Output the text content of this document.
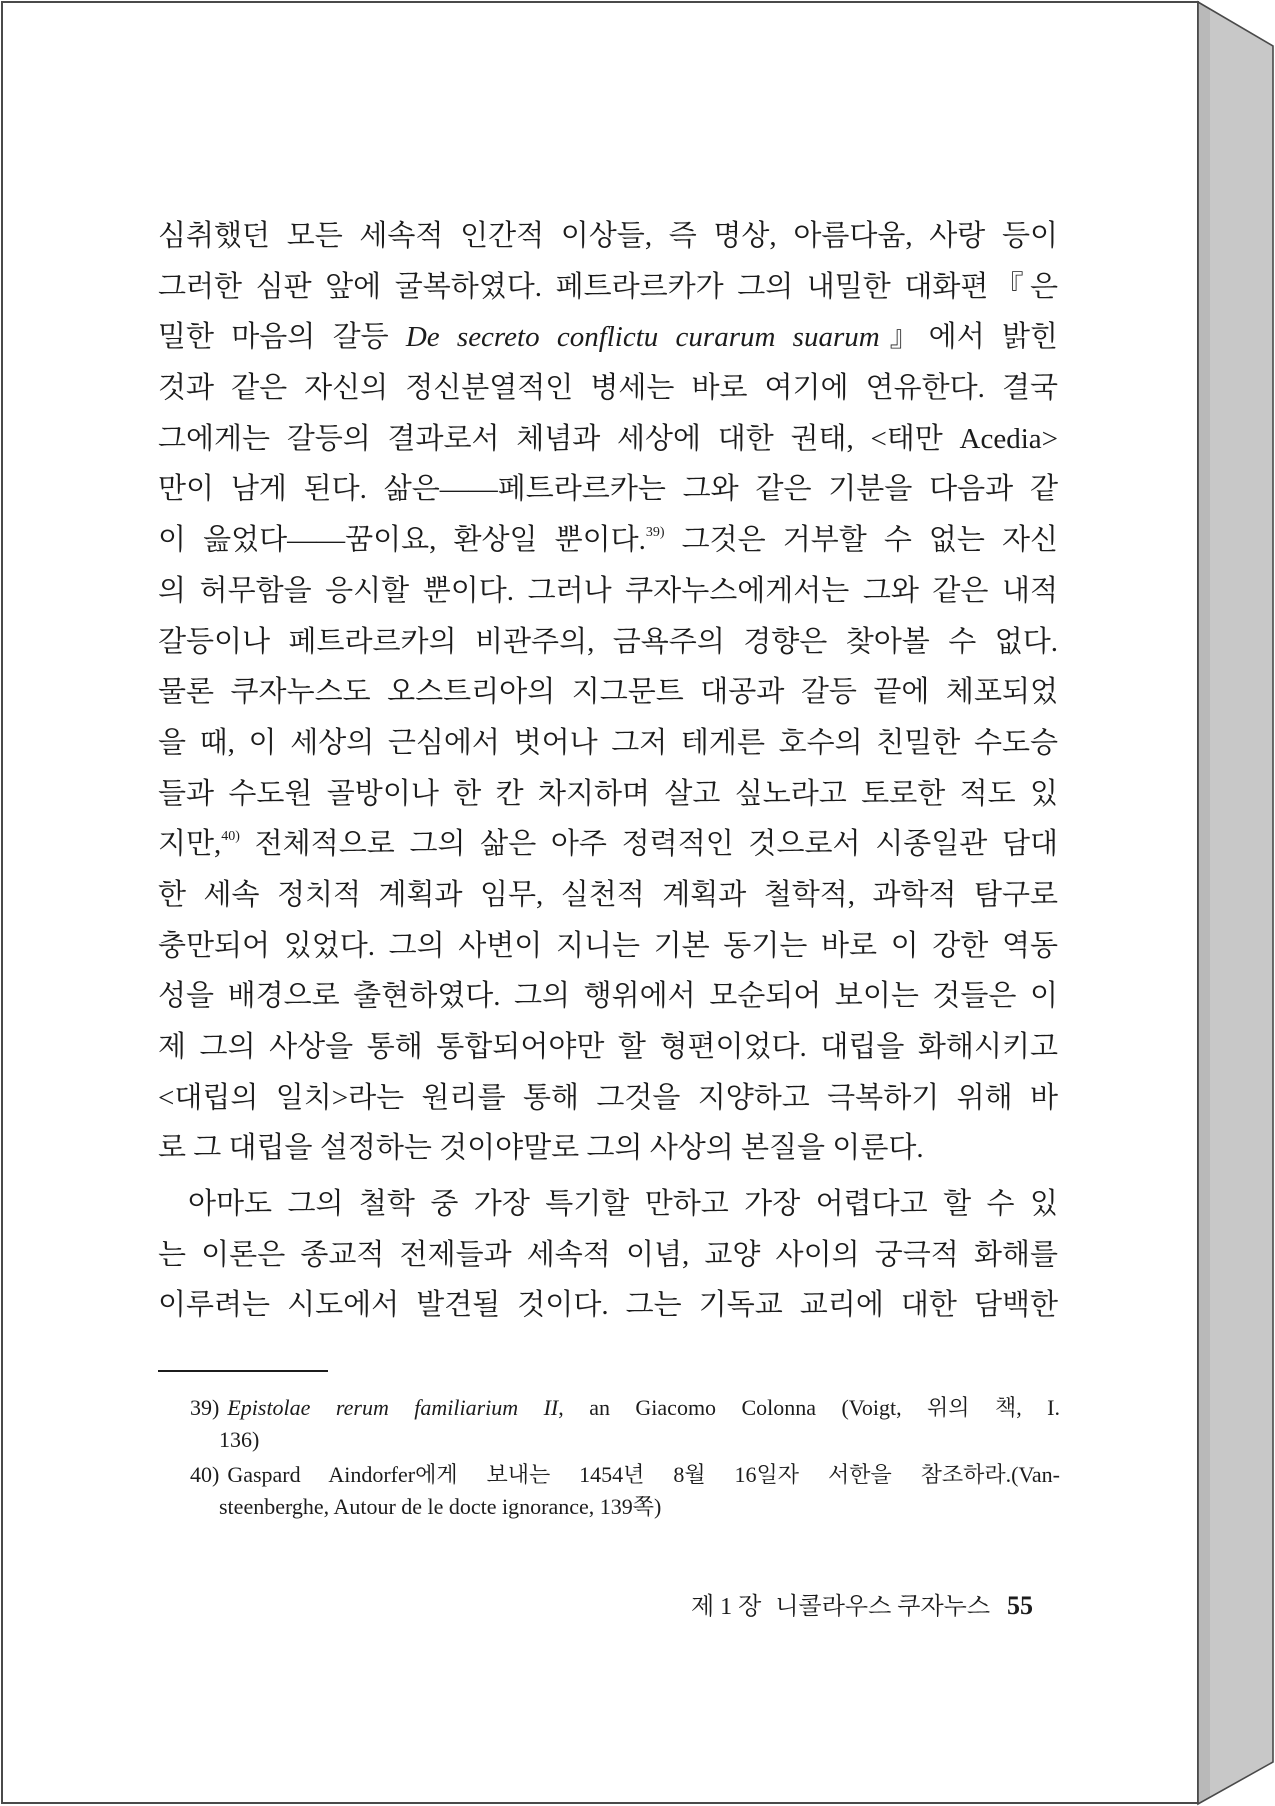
심취했던 모든 세속적 인간적 이상들, 즉 명상, 아름다움, 사랑 등이
그러한 심판 앞에 굴복하였다. 페트라르카가 그의 내밀한 대화편『은
밀한 마음의 갈등 De secreto conflictu curarum suarum』에서 밝힌
것과 같은 자신의 정신분열적인 병세는 바로 여기에 연유한다. 결국
그에게는 갈등의 결과로서 체념과 세상에 대한 권태, <태만 Acedia>
만이 남게 된다. 삶은——페트라르카는 그와 같은 기분을 다음과 같
이 읊었다——꿈이요, 환상일 뿐이다.$^{39)}$ 그것은 거부할 수 없는 자신
의 허무함을 응시할 뿐이다. 그러나 쿠자누스에게서는 그와 같은 내적
갈등이나 페트라르카의 비관주의, 금욕주의 경향은 찾아볼 수 없다.
물론 쿠자누스도 오스트리아의 지그문트 대공과 갈등 끝에 체포되었
을 때, 이 세상의 근심에서 벗어나 그저 테게른 호수의 친밀한 수도승
들과 수도원 골방이나 한 칸 차지하며 살고 싶노라고 토로한 적도 있
지만,$^{40)}$ 전체적으로 그의 삶은 아주 정력적인 것으로서 시종일관 담대
한 세속 정치적 계획과 임무, 실천적 계획과 철학적, 과학적 탐구로
충만되어 있었다. 그의 사변이 지니는 기본 동기는 바로 이 강한 역동
성을 배경으로 출현하였다. 그의 행위에서 모순되어 보이는 것들은 이
제 그의 사상을 통해 통합되어야만 할 형편이었다. 대립을 화해시키고
<대립의 일치>라는 원리를 통해 그것을 지양하고 극복하기 위해 바
로 그 대립을 설정하는 것이야말로 그의 사상의 본질을 이룬다.
아마도 그의 철학 중 가장 특기할 만하고 가장 어렵다고 할 수 있
는 이론은 종교적 전제들과 세속적 이념, 교양 사이의 궁극적 화해를
이루려는 시도에서 발견될 것이다. 그는 기독교 교리에 대한 담백한
39) Epistolae rerum familiarium II, an Giacomo Colonna (Voigt, 위의 책, I.
136)
40) Gaspard Aindorfer에게 보내는 1454년 8월 16일자 서한을 참조하라.(Van-
steenberghe, Autour de le docte ignorance, 139쪽)
제 1 장 니콜라우스 쿠자누스 55
